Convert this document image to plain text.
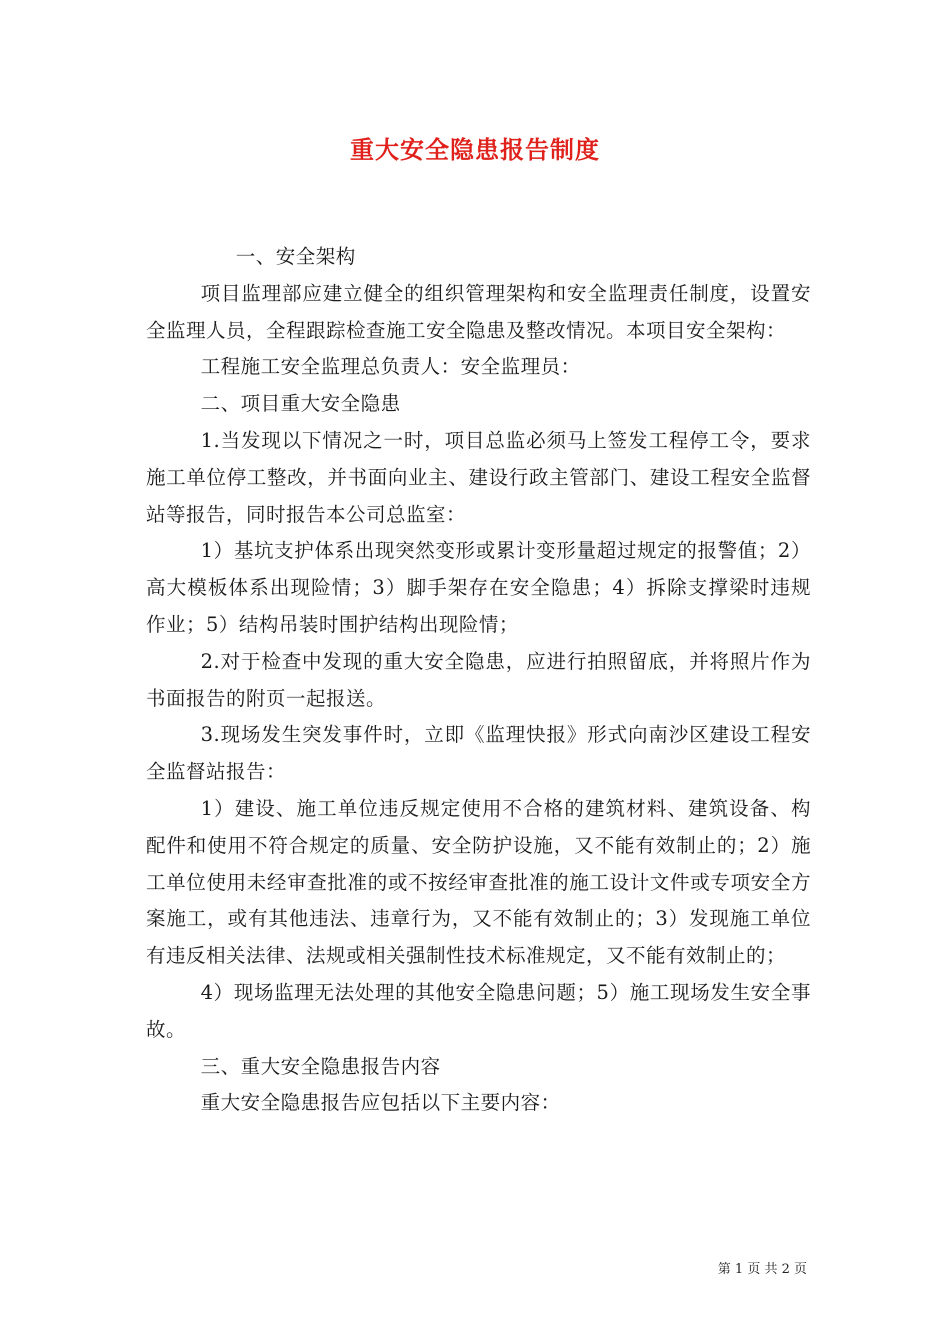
重大安全隐患报告制度

一、安全架构

项目监理部应建立健全的组织管理架构和安全监理责任制度，设置安全监理人员，全程跟踪检查施工安全隐患及整改情况。本项目安全架构：

工程施工安全监理总负责人：安全监理员：

二、项目重大安全隐患

1.当发现以下情况之一时，项目总监必须马上签发工程停工令，要求施工单位停工整改，并书面向业主、建设行政主管部门、建设工程安全监督站等报告，同时报告本公司总监室：

1）基坑支护体系出现突然变形或累计变形量超过规定的报警值；2）高大模板体系出现险情；3）脚手架存在安全隐患；4）拆除支撑梁时违规作业；5）结构吊装时围护结构出现险情；

2.对于检查中发现的重大安全隐患，应进行拍照留底，并将照片作为书面报告的附页一起报送。

3.现场发生突发事件时，立即《监理快报》形式向南沙区建设工程安全监督站报告：

1）建设、施工单位违反规定使用不合格的建筑材料、建筑设备、构配件和使用不符合规定的质量、安全防护设施，又不能有效制止的；2）施工单位使用未经审查批准的或不按经审查批准的施工设计文件或专项安全方案施工，或有其他违法、违章行为，又不能有效制止的；3）发现施工单位有违反相关法律、法规或相关强制性技术标准规定，又不能有效制止的；

4）现场监理无法处理的其他安全隐患问题；5）施工现场发生安全事故。

三、重大安全隐患报告内容

重大安全隐患报告应包括以下主要内容：

第 1 页 共 2 页
